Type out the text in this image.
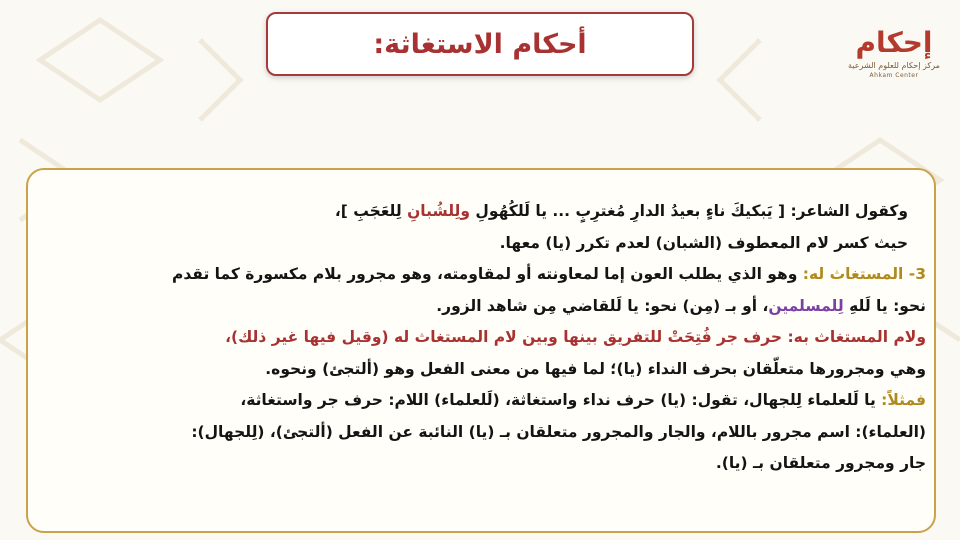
أحكام الاستغاثة:	إحكام
مركز إحكام للعلوم الشرعية
Ahkam Center
وكقول الشاعر: [ يَبكيكَ ناءٍ بعيدُ الدارِ مُغترِبٍ ... يا لَلكُهُولِ ولِلشُبانِ لِلعَجَبِ ]،
حيث كسر لام المعطوف (الشبان) لعدم تكرر (يا) معها.
3- المستغاث له: وهو الذي يطلب العون إما لمعاونته أو لمقاومته، وهو مجرور بلام مكسورة كما تقدم
نحو: يا لَلهِ لِلمسلمين، أو بـ (مِن) نحو: يا لَلقاضي مِن شاهد الزور.
ولام المستغاث به: حرف جر فُتِحَتْ للتفريق بينها وبين لام المستغاث له (وقيل فيها غير ذلك)،
وهي ومجرورها متعلّقان بحرف النداء (يا)؛ لما فيها من معنى الفعل وهو (ألتجئ) ونحوه.
فمثلاً: يا لَلعلماء لِلجهال، تقول: (يا) حرف نداء واستغاثة، (لَلعلماء) اللام: حرف جر واستغاثة،
(العلماء): اسم مجرور باللام، والجار والمجرور متعلقان بـ (يا) النائبة عن الفعل (ألتجئ)، (لِلجهال):
جار ومجرور متعلقان بـ (يا).
